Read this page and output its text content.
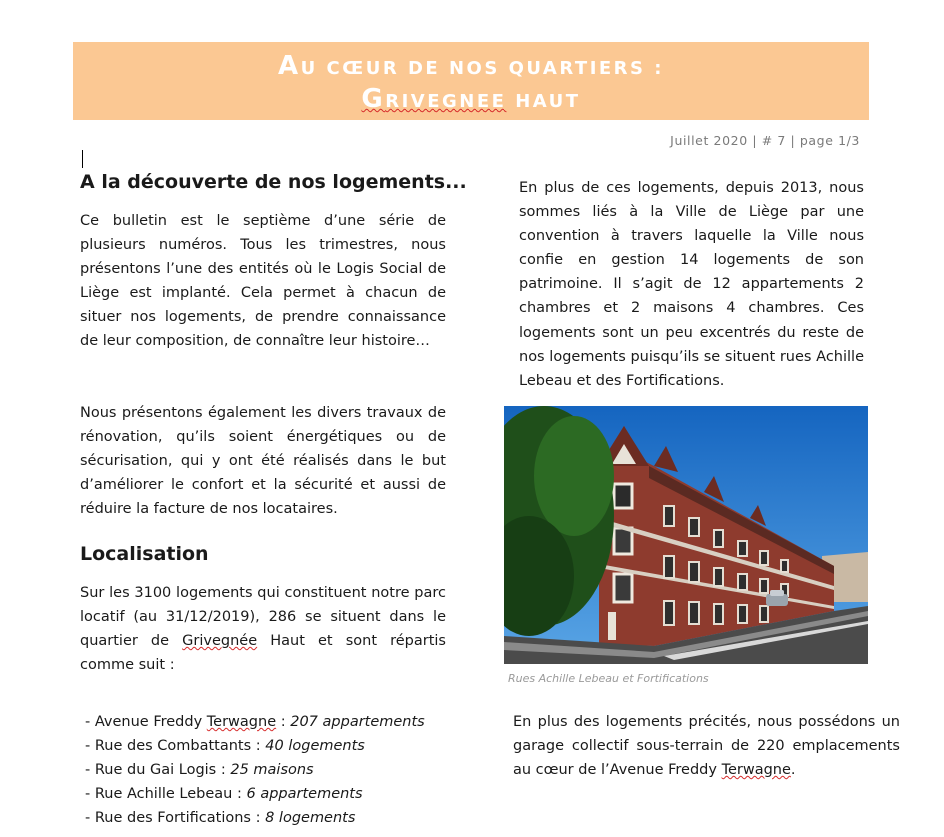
AU CŒUR DE NOS QUARTIERS :
GRIVEGNEE HAUT
Juillet 2020 | # 7 | page 1/3
A la découverte de nos logements...
Ce bulletin est le septième d’une série de plusieurs numéros. Tous les trimestres, nous présentons l’une des entités où le Logis Social de Liège est implanté. Cela permet à chacun de situer nos logements, de prendre connaissance de leur composition, de connaître leur histoire…
Nous présentons également les divers travaux de rénovation, qu’ils soient énergétiques ou de sécurisation, qui y ont été réalisés dans le but d’améliorer le confort et la sécurité et aussi de réduire la facture de nos locataires.
Localisation
Sur les 3100 logements qui constituent notre parc locatif (au 31/12/2019), 286 se situent dans le quartier de Grivegnée Haut et sont répartis comme suit :
- Avenue Freddy Terwagne : 207 appartements
- Rue des Combattants : 40 logements
- Rue du Gai Logis : 25 maisons
- Rue Achille Lebeau : 6 appartements
- Rue des Fortifications : 8 logements
En plus de ces logements, depuis 2013, nous sommes liés à la Ville de Liège par une convention à travers laquelle la Ville nous confie en gestion 14 logements de son patrimoine. Il s’agit de 12 appartements 2 chambres et 2 maisons 4 chambres. Ces logements sont un peu excentrés du reste de nos logements puisqu’ils se situent rues Achille Lebeau et des Fortifications.
Rues Achille Lebeau et Fortifications
En plus des logements précités, nous possédons un garage collectif sous-terrain de 220 emplacements au cœur de l’Avenue Freddy Terwagne.
